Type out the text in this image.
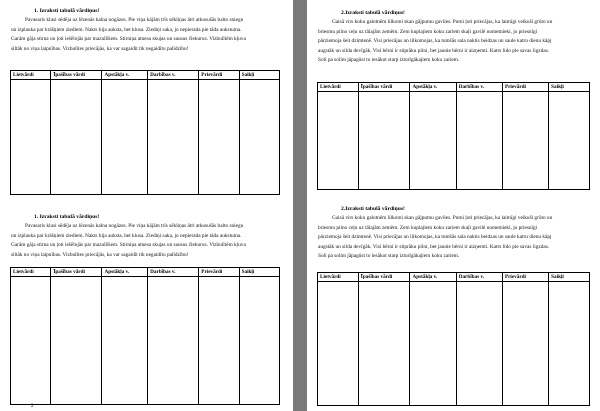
1. Izraksti tabulā vārdiņus!
Pavasaris klusi sēdēja uz lēzenās kalna nogāzes. Pie viņa kājām trīs sēkliņas ātri atkusušās balto sniegu
un izplauka par krāšņiem ziediem. Nakts bija auksta, bet klusa. Ziediņi saka, jo nepierada pie tāda aukstuma.
Garām gāja stirna un ļoti iešēlojās par mazulīšiem. Stirniņa atnesa skujas un sausus čiekurus. Vizbulītēm kļuva
siltāk no viņa laipnības. Vizbulītes priecājās, ka var sagaidīt tik negaidītu palīdzību!
Lietvārdi	Īpašības vārdi	Apstākļa v.	Darbības v.	Prievārdi	Saikļi

1. Izraksti tabulā vārdiņus!
Pavasaris klusi sēdēja uz lēzenās kalna nogāzes. Pie viņa kājām trīs sēkliņas ātri atkusušās balto sniegu
un izplauka par krāšņiem ziediem. Nakts bija auksta, bet klusa. Ziediņi saka, jo nepierada pie tāda aukstuma.
Garām gāja stirna un ļoti iešēlojās par mazulīšiem. Stirniņa atnesa skujas un sausus čiekurus. Vizbulītēm kļuva
siltāk no viņa laipnības. Vizbulītes priecājās, ka var sagaidīt tik negaidītu palīdzību!
Lietvārdi	Īpašības vārdi	Apstākļa v.	Darbības v.	Prievārdi	Saikļi

2
2.Izraksti tabulā vārdiņus!
Gaisā virs koku galotnēm lilkomi skan gājputnu gaviles. Putni ļoti priecājas, ka laimīgi veikuši grūto un
briesmu pilno ceļu uz tālajām zemēm. Zem kuplajiem koku zariem skaļi gavilē nometnieki, jo priesnīgi
pārziemoja šeit dzimtenē. Visi priecājas un lilkomojas, ka tumšās sala naktis beidzas un saule katru dienu kāpj
augstāk un silda devīgāk. Visi bērni ir stiprāku pilni, bet jaunie bērni ir aizņemti. Katrs lido pie savas ligzdas.
Soli pa solim jāpagūst to iesākot starp izturīgākajiem koku zariem.
Lietvārdi	Īpašības vārdi	Apstākļa v.	Darbības v.	Prievārdi	Saikļi

2.Izraksti tabulā vārdiņus!
Gaisā virs koku galotnēm lilkomi skan gājputnu gaviles. Putni ļoti priecājas, ka laimīgi veikuši grūto un
briesmu pilno ceļu uz tālajām zemēm. Zem kuplajiem koku zariem skaļi gavilē nometnieki, jo priesnīgi
pārziemoja šeit dzimtenē. Visi priecājas un lilkomojas, ka tumšās sala naktis beidzas un saule katru dienu kāpj
augstāk un silda devīgāk. Visi bērni ir stiprāku pilni, bet jaunie bērni ir aizņemti. Katrs lido pie savas ligzdas.
Soli pa solim jāpagūst to iesākot starp izturīgākajiem koku zariem.
Lietvārdi	Īpašības vārdi	Apstākļa v.	Darbības v.	Prievārdi	Saikļi
